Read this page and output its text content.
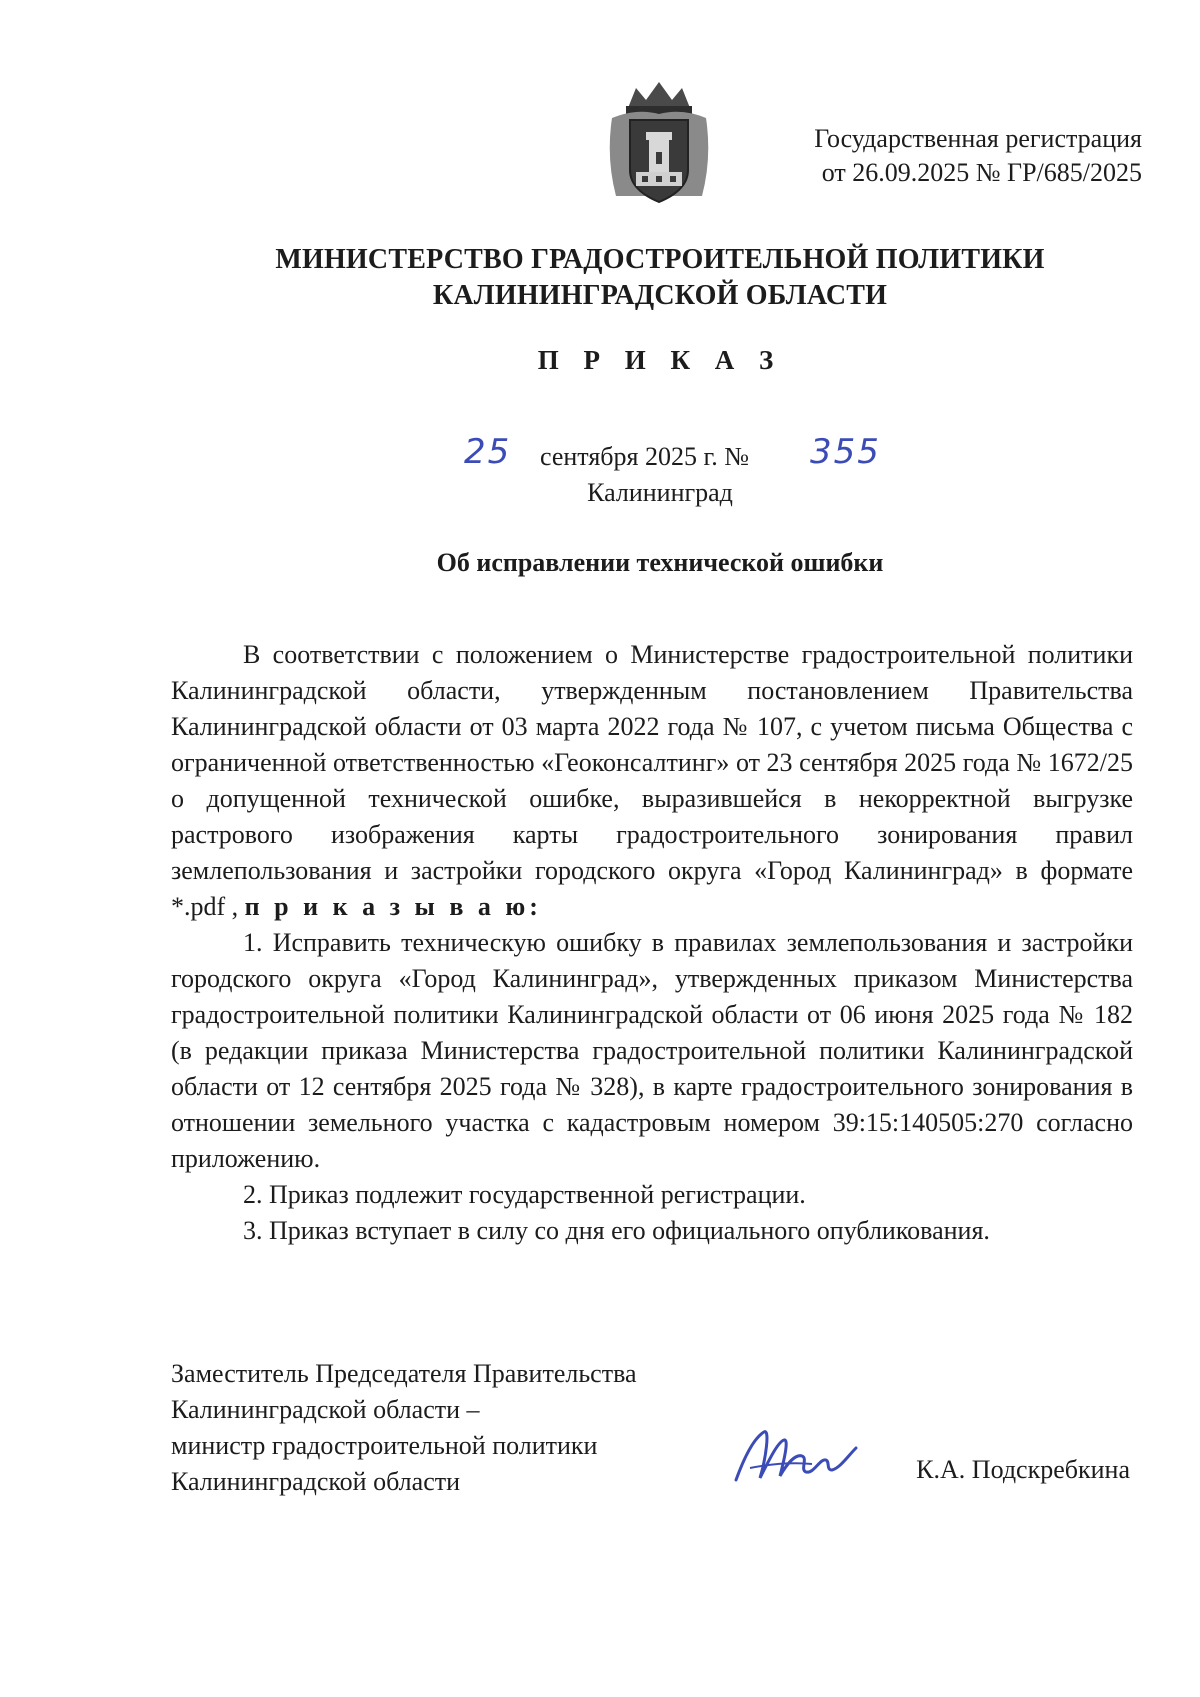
Государственная регистрация
от 26.09.2025 № ГР/685/2025
МИНИСТЕРСТВО ГРАДОСТРОИТЕЛЬНОЙ ПОЛИТИКИ
КАЛИНИНГРАДСКОЙ ОБЛАСТИ
П Р И К А З
25 сентября 2025 г. № 355
Калининград
Об исправлении технической ошибки

В соответствии с положением о Министерстве градостроительной политики Калининградской области, утвержденным постановлением Правительства Калининградской области от 03 марта 2022 года № 107, с учетом письма Общества с ограниченной ответственностью «Геоконсалтинг» от 23 сентября 2025 года № 1672/25 о допущенной технической ошибке, выразившейся в некорректной выгрузке растрового изображения карты градостроительного зонирования правил землепользования и застройки городского округа «Город Калининград» в формате *.pdf , п р и к а з ы в а ю:

1. Исправить техническую ошибку в правилах землепользования и застройки городского округа «Город Калининград», утвержденных приказом Министерства градостроительной политики Калининградской области от 06 июня 2025 года № 182 (в редакции приказа Министерства градостроительной политики Калининградской области от 12 сентября 2025 года № 328), в карте градостроительного зонирования в отношении земельного участка с кадастровым номером 39:15:140505:270 согласно приложению.

2. Приказ подлежит государственной регистрации.

3. Приказ вступает в силу со дня его официального опубликования.

Заместитель Председателя Правительства
Калининградской области –
министр градостроительной политики
Калининградской области	К.А. Подскребкина
